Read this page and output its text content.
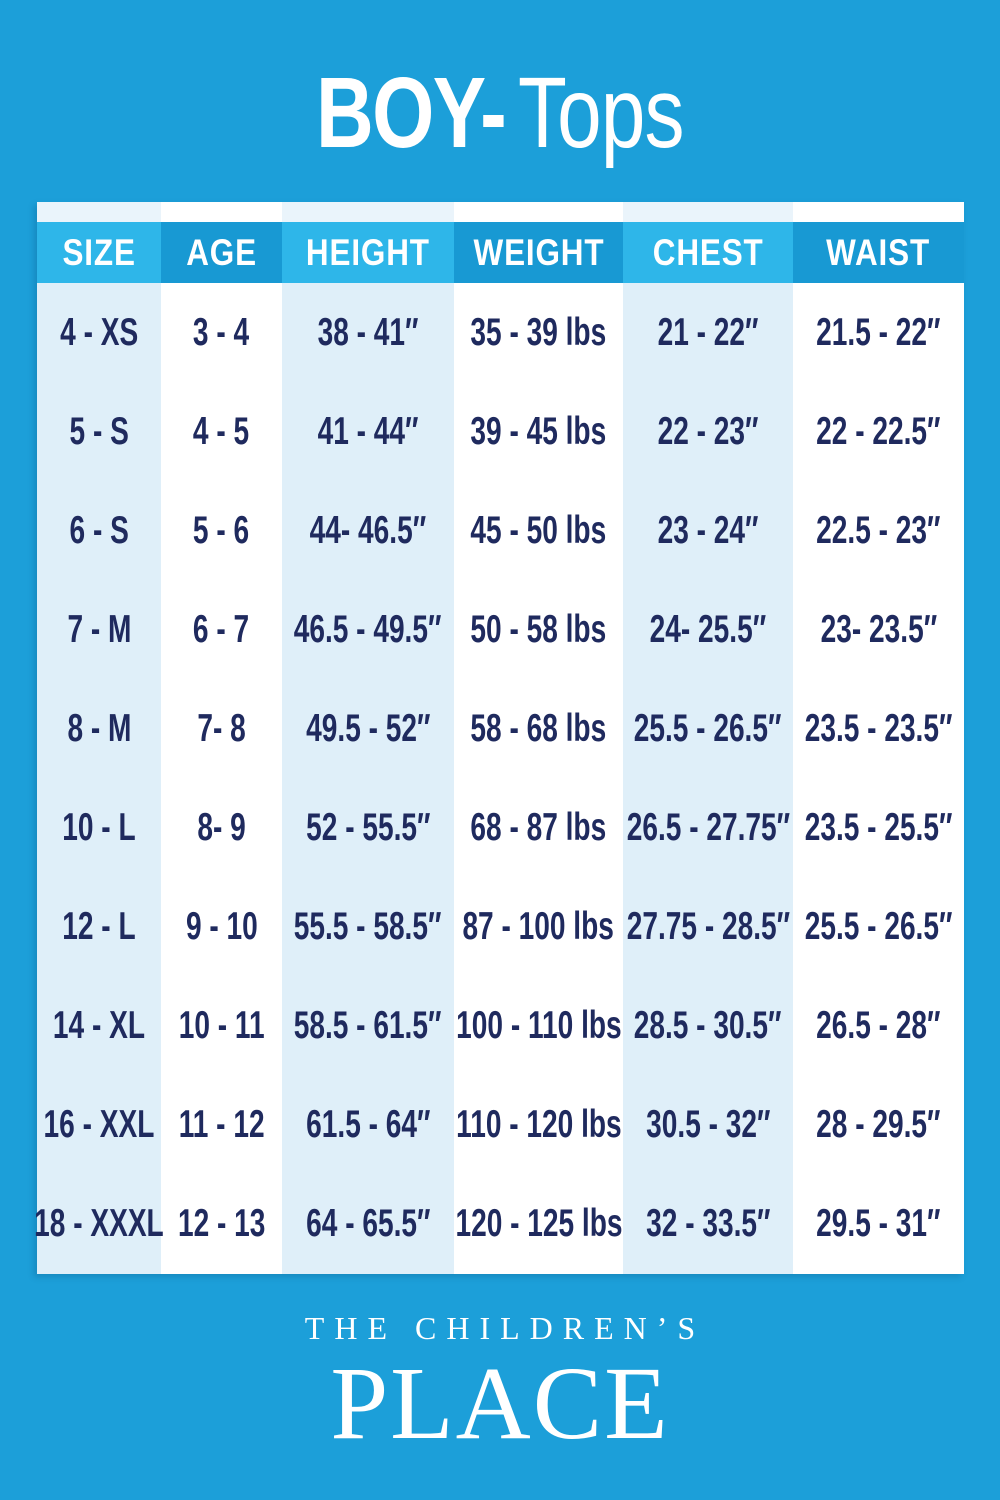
BOY- Tops
SIZE AGE HEIGHT WEIGHT CHEST WAIST
4 - XS 3 - 4 38 - 41″ 35 - 39 lbs 21 - 22″ 21.5 - 22″
5 - S 4 - 5 41 - 44″ 39 - 45 lbs 22 - 23″ 22 - 22.5″
6 - S 5 - 6 44- 46.5″ 45 - 50 lbs 23 - 24″ 22.5 - 23″
7 - M 6 - 7 46.5 - 49.5″ 50 - 58 lbs 24- 25.5″ 23- 23.5″
8 - M 7- 8 49.5 - 52″ 58 - 68 lbs 25.5 - 26.5″ 23.5 - 23.5″
10 - L 8- 9 52 - 55.5″ 68 - 87 lbs 26.5 - 27.75″ 23.5 - 25.5″
12 - L 9 - 10 55.5 - 58.5″ 87 - 100 lbs 27.75 - 28.5″ 25.5 - 26.5″
14 - XL 10 - 11 58.5 - 61.5″ 100 - 110 lbs 28.5 - 30.5″ 26.5 - 28″
16 - XXL 11 - 12 61.5 - 64″ 110 - 120 lbs 30.5 - 32″ 28 - 29.5″
18 - XXXL 12 - 13 64 - 65.5″ 120 - 125 lbs 32 - 33.5″ 29.5 - 31″
THE CHILDREN’S
PLACE
